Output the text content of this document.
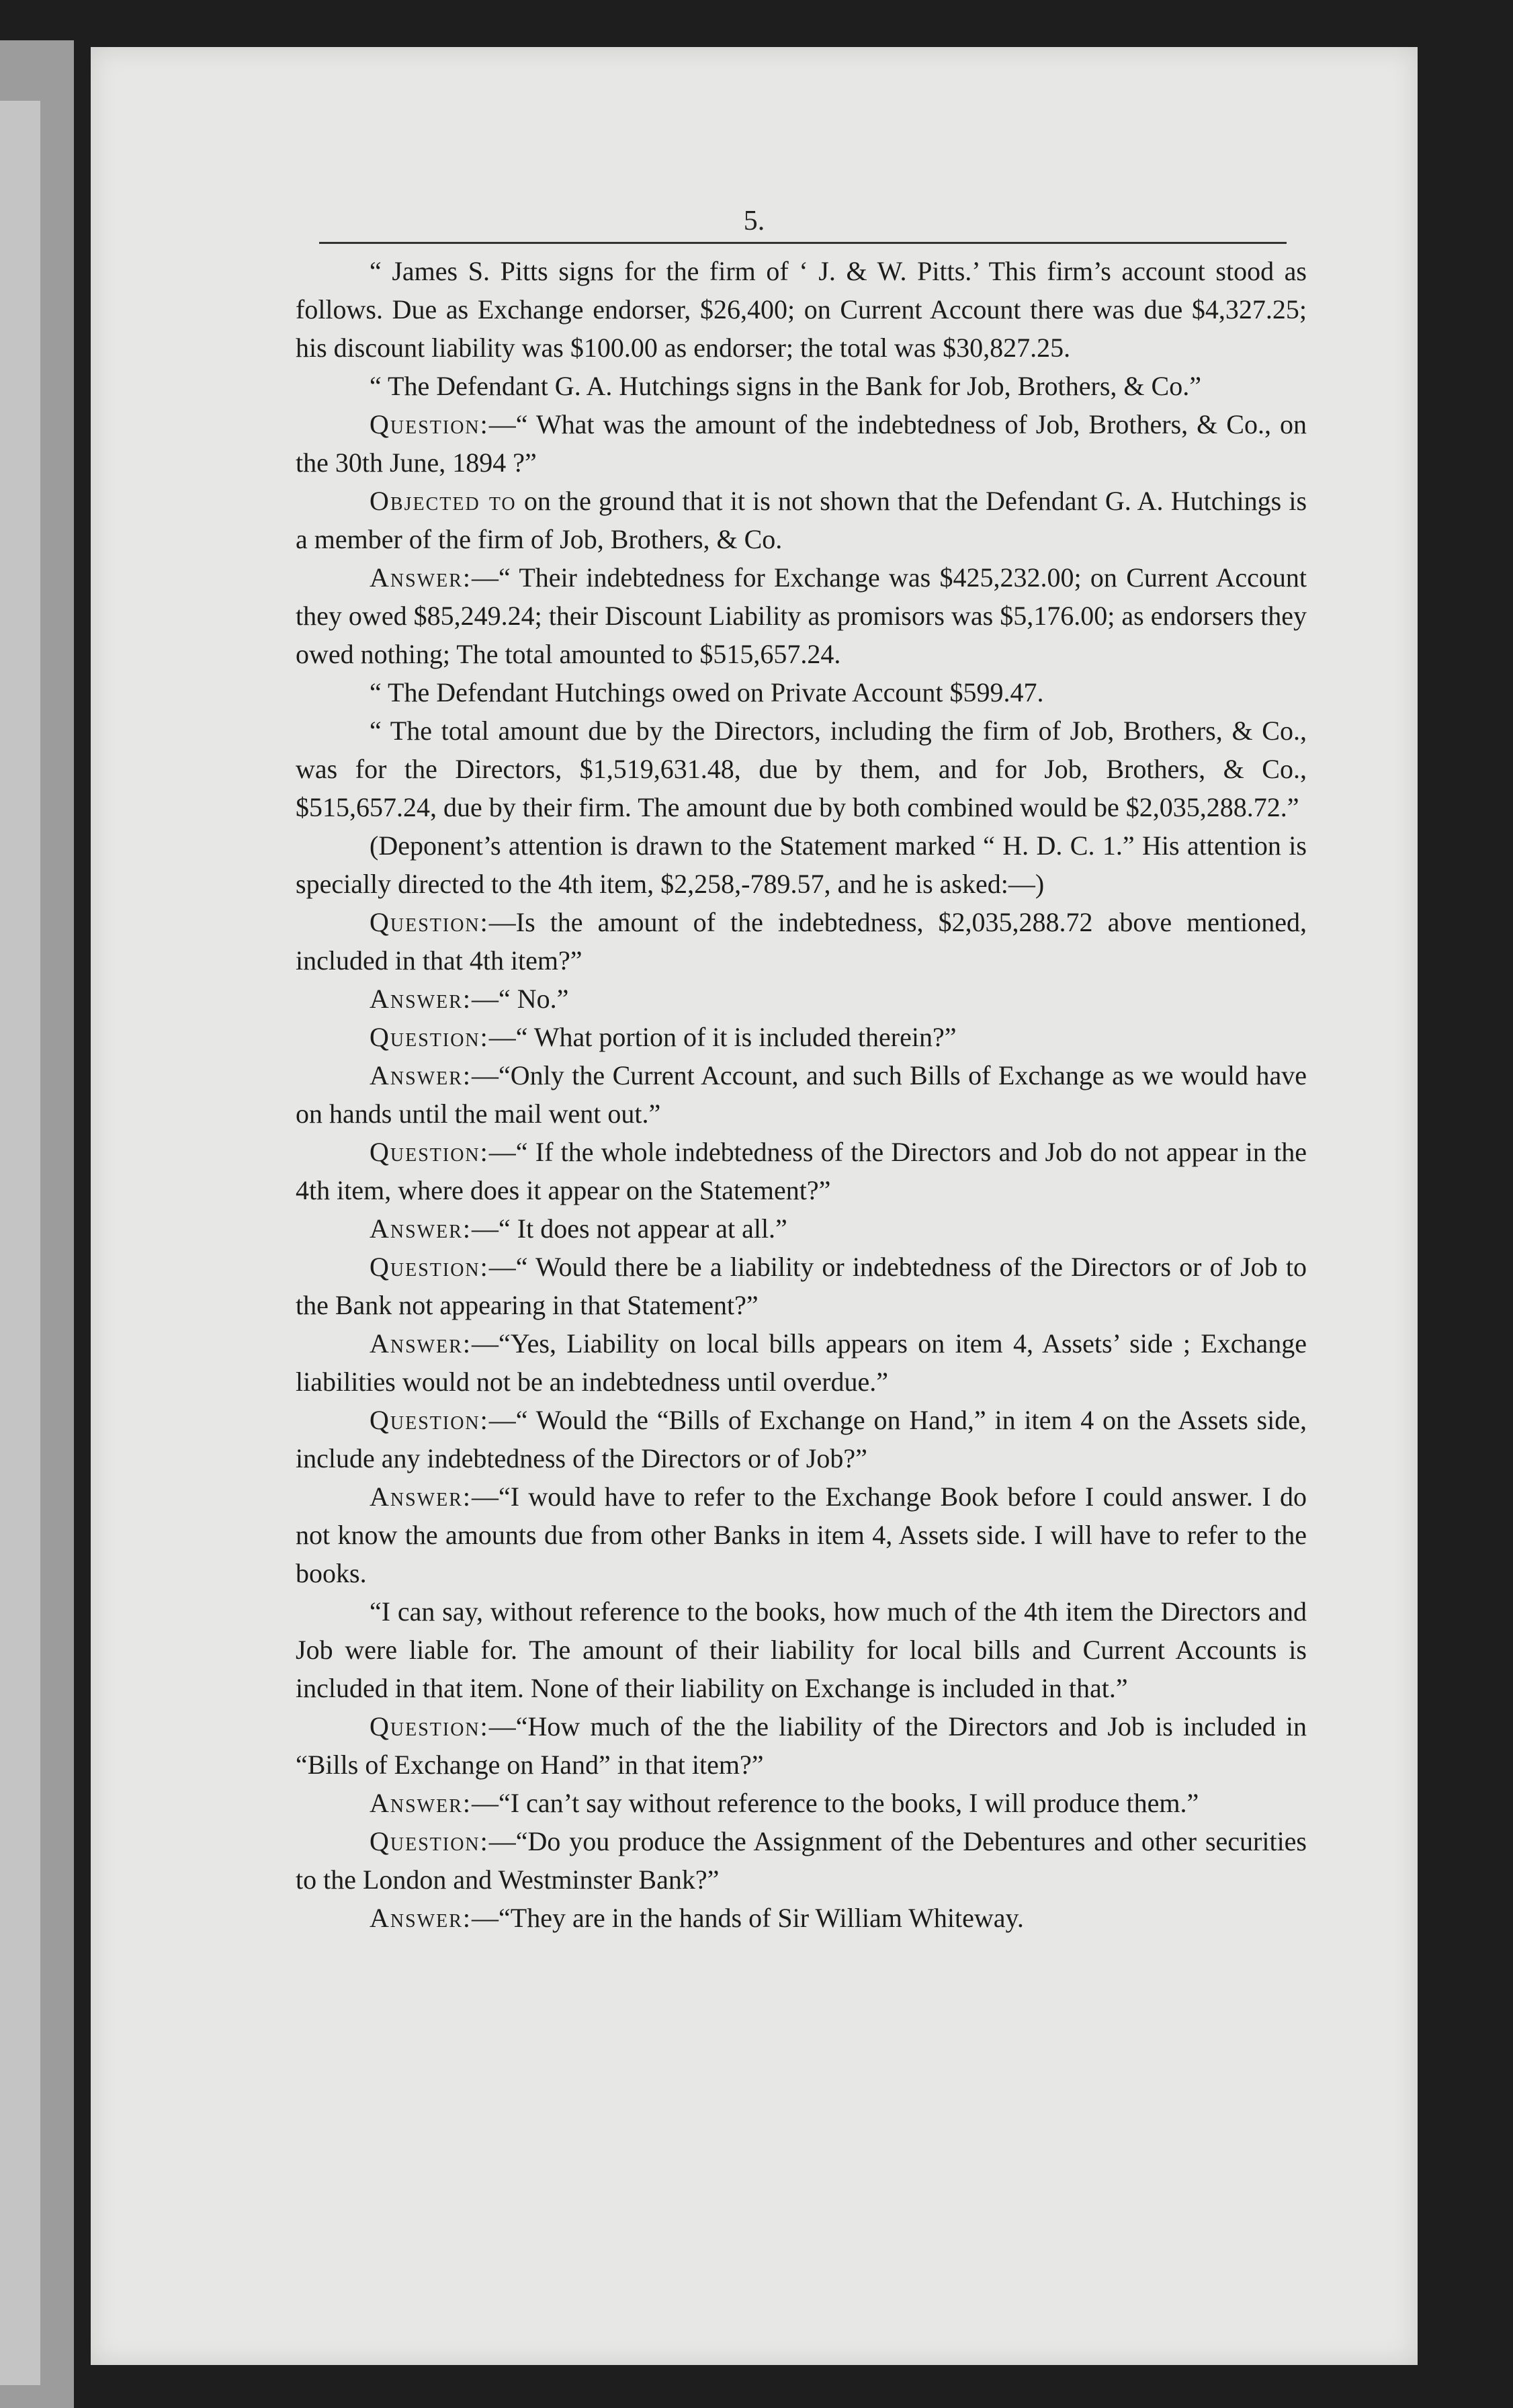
5.

“ James S. Pitts signs for the firm of ‘ J. & W. Pitts.’ This firm’s account stood as follows. Due as Exchange endorser, $26,400; on Current Account there was due $4,327.25; his discount liability was $100.00 as endorser; the total was $30,827.25.

“ The Defendant G. A. Hutchings signs in the Bank for Job, Brothers, & Co.”

Question:—“ What was the amount of the indebtedness of Job, Brothers, & Co., on the 30th June, 1894 ?”

Objected to on the ground that it is not shown that the Defendant G. A. Hutchings is a member of the firm of Job, Brothers, & Co.

Answer:—“ Their indebtedness for Exchange was $425,232.00; on Current Account they owed $85,249.24; their Discount Liability as promisors was $5,176.00; as endorsers they owed nothing; The total amounted to $515,657.24.

“ The Defendant Hutchings owed on Private Account $599.47.

“ The total amount due by the Directors, including the firm of Job, Brothers, & Co., was for the Directors, $1,519,631.48, due by them, and for Job, Brothers, & Co., $515,657.24, due by their firm. The amount due by both combined would be $2,035,288.72.”

(Deponent’s attention is drawn to the Statement marked “ H. D. C. 1.” His attention is specially directed to the 4th item, $2,258,-789.57, and he is asked:—)

Question:—Is the amount of the indebtedness, $2,035,288.72 above mentioned, included in that 4th item?”

Answer:—“ No.”

Question:—“ What portion of it is included therein?”

Answer:—“Only the Current Account, and such Bills of Exchange as we would have on hands until the mail went out.”

Question:—“ If the whole indebtedness of the Directors and Job do not appear in the 4th item, where does it appear on the Statement?”

Answer:—“ It does not appear at all.”

Question:—“ Would there be a liability or indebtedness of the Directors or of Job to the Bank not appearing in that Statement?”

Answer:—“Yes, Liability on local bills appears on item 4, Assets’ side ; Exchange liabilities would not be an indebtedness until overdue.”

Question:—“ Would the “Bills of Exchange on Hand,” in item 4 on the Assets side, include any indebtedness of the Directors or of Job?”

Answer:—“I would have to refer to the Exchange Book before I could answer. I do not know the amounts due from other Banks in item 4, Assets side. I will have to refer to the books.

“I can say, without reference to the books, how much of the 4th item the Directors and Job were liable for. The amount of their liability for local bills and Current Accounts is included in that item. None of their liability on Exchange is included in that.”

Question:—“How much of the the liability of the Directors and Job is included in “Bills of Exchange on Hand” in that item?”

Answer:—“I can’t say without reference to the books, I will produce them.”

Question:—“Do you produce the Assignment of the Debentures and other securities to the London and Westminster Bank?”

Answer:—“They are in the hands of Sir William Whiteway.
